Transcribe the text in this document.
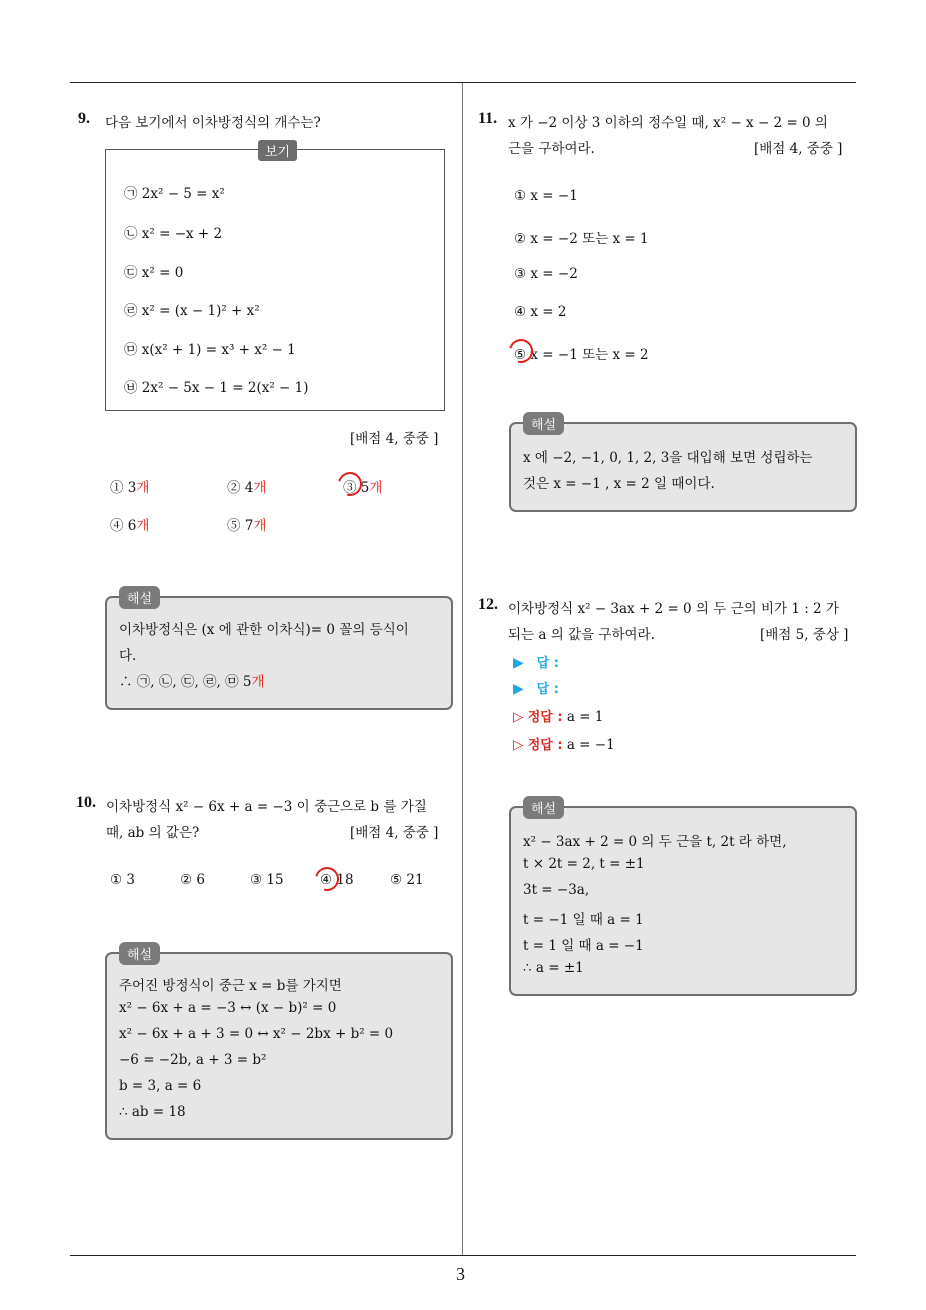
3
9. 다음 보기에서 이차방정식의 개수는?
보기
㉠ 2x² − 5 = x²
㉡ x² = −x + 2
㉢ x² = 0
㉣ x² = (x − 1)² + x²
㉤ x(x² + 1) = x³ + x² − 1
㉥ 2x² − 5x − 1 = 2(x² − 1)
[배점 4, 중중 ]
① 3개	② 4개	③ 5개
④ 6개	⑤ 7개
해설
이차방정식은 (x 에 관한 이차식)= 0 꼴의 등식이
다.
∴ ㉠, ㉡, ㉢, ㉣, ㉤ 5개
10. 이차방정식 x² − 6x + a = −3 이 중근으로 b 를 가질
때, ab 의 값은?	[배점 4, 중중 ]
① 3	② 6	③ 15	④ 18	⑤ 21
해설
주어진 방정식이 중근 x = b를 가지면
x² − 6x + a = −3 ↔ (x − b)² = 0
x² − 6x + a + 3 = 0 ↔ x² − 2bx + b² = 0
−6 = −2b, a + 3 = b²
b = 3, a = 6
∴ ab = 18
11. x 가 −2 이상 3 이하의 정수일 때, x² − x − 2 = 0 의
근을 구하여라.	[배점 4, 중중 ]
① x = −1
② x = −2 또는 x = 1
③ x = −2
④ x = 2
⑤ x = −1 또는 x = 2
해설
x 에 −2, −1, 0, 1, 2, 3을 대입해 보면 성립하는
것은 x = −1 , x = 2 일 때이다.
12. 이차방정식 x² − 3ax + 2 = 0 의 두 근의 비가 1 : 2 가
되는 a 의 값을 구하여라.	[배점 5, 중상 ]
▶ 답 :
▶ 답 :
▷ 정답 : a = 1
▷ 정답 : a = −1
해설
x² − 3ax + 2 = 0 의 두 근을 t, 2t 라 하면,
t × 2t = 2, t = ±1
3t = −3a,
t = −1 일 때 a = 1
t = 1 일 때 a = −1
∴ a = ±1
